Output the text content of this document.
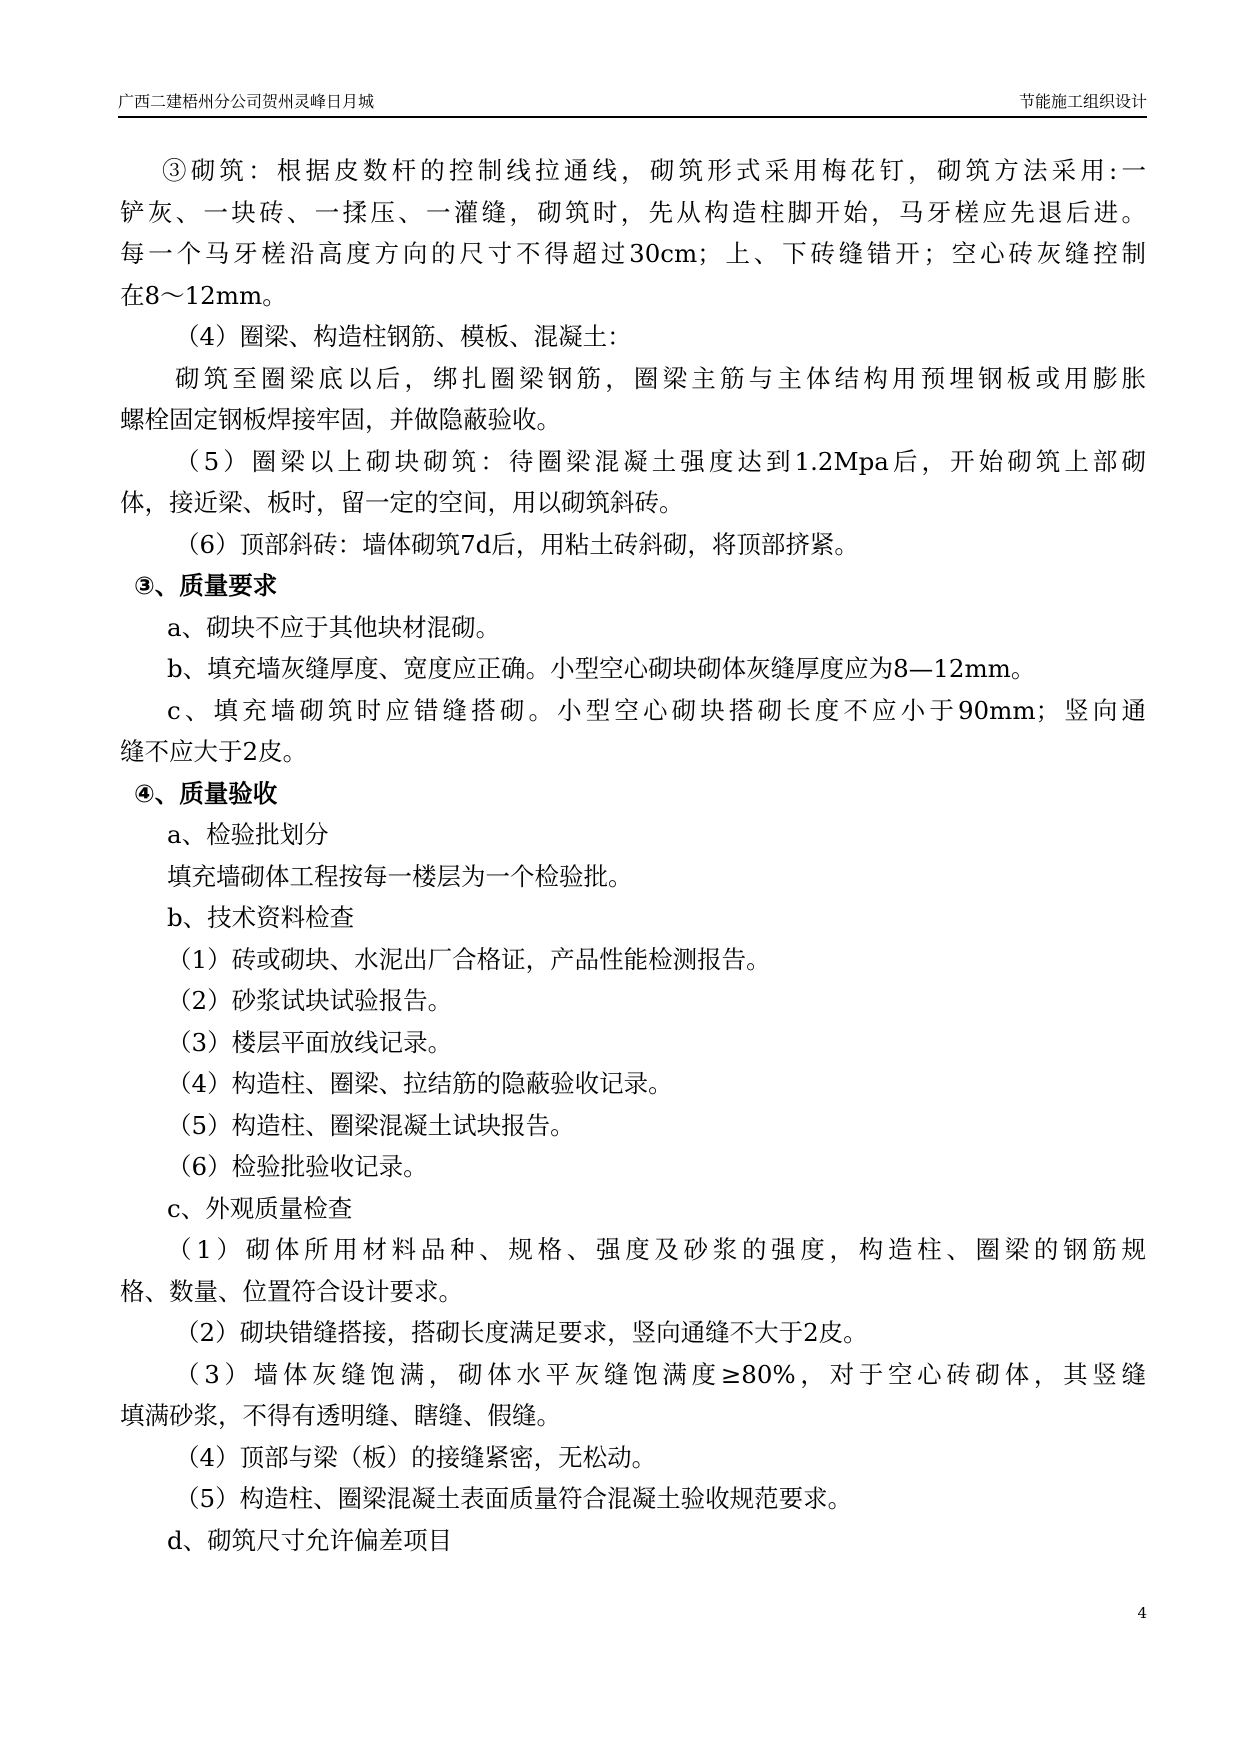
广西二建梧州分公司贺州灵峰日月城	节能施工组织设计
③砌筑：根据皮数杆的控制线拉通线，砌筑形式采用梅花钉，砌筑方法采用:一
铲灰、一块砖、一揉压、一灌缝，砌筑时，先从构造柱脚开始，马牙槎应先退后进。
每一个马牙槎沿高度方向的尺寸不得超过30cm；上、下砖缝错开；空心砖灰缝控制
在8～12mm。
（4）圈梁、构造柱钢筋、模板、混凝土：
砌筑至圈梁底以后，绑扎圈梁钢筋，圈梁主筋与主体结构用预埋钢板或用膨胀
螺栓固定钢板焊接牢固，并做隐蔽验收。
（5）圈梁以上砌块砌筑：待圈梁混凝土强度达到1.2Mpa后，开始砌筑上部砌
体，接近梁、板时，留一定的空间，用以砌筑斜砖。
（6）顶部斜砖：墙体砌筑7d后，用粘土砖斜砌，将顶部挤紧。
③、质量要求
a、砌块不应于其他块材混砌。
b、填充墙灰缝厚度、宽度应正确。小型空心砌块砌体灰缝厚度应为8—12mm。
c、填充墙砌筑时应错缝搭砌。小型空心砌块搭砌长度不应小于90mm；竖向通
缝不应大于2皮。
④、质量验收
a、检验批划分
填充墙砌体工程按每一楼层为一个检验批。
b、技术资料检查
（1）砖或砌块、水泥出厂合格证，产品性能检测报告。
（2）砂浆试块试验报告。
（3）楼层平面放线记录。
（4）构造柱、圈梁、拉结筋的隐蔽验收记录。
（5）构造柱、圈梁混凝土试块报告。
（6）检验批验收记录。
c、外观质量检查
（1）砌体所用材料品种、规格、强度及砂浆的强度，构造柱、圈梁的钢筋规
格、数量、位置符合设计要求。
（2）砌块错缝搭接，搭砌长度满足要求，竖向通缝不大于2皮。
（3）墙体灰缝饱满，砌体水平灰缝饱满度≥80%，对于空心砖砌体，其竖缝
填满砂浆，不得有透明缝、瞎缝、假缝。
（4）顶部与梁（板）的接缝紧密，无松动。
（5）构造柱、圈梁混凝土表面质量符合混凝土验收规范要求。
d、砌筑尺寸允许偏差项目
4
